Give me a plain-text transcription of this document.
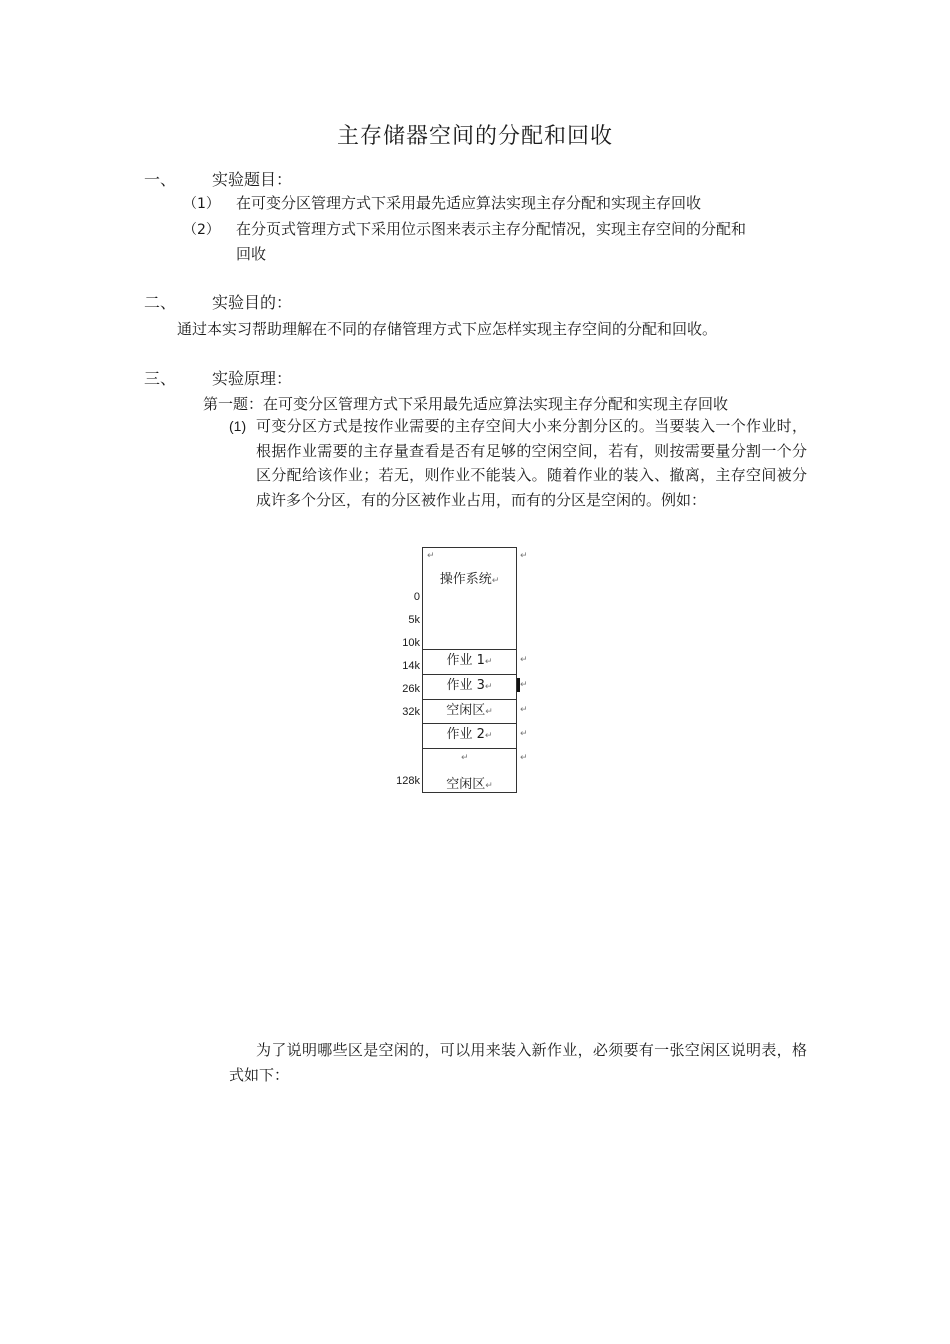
主存储器空间的分配和回收
一、 实验题目：
（1） 在可变分区管理方式下采用最先适应算法实现主存分配和实现主存回收
（2） 在分页式管理方式下采用位示图来表示主存分配情况，实现主存空间的分配和
回收
二、 实验目的：
通过本实习帮助理解在不同的存储管理方式下应怎样实现主存空间的分配和回收。
三、 实验原理：
第一题：在可变分区管理方式下采用最先适应算法实现主存分配和实现主存回收
(1) 可变分区方式是按作业需要的主存空间大小来分割分区的。当要装入一个作业时，根据作业需要的主存量查看是否有足够的空闲空间，若有，则按需要量分割一个分区分配给该作业；若无，则作业不能装入。随着作业的装入、撤离，主存空间被分成许多个分区，有的分区被作业占用，而有的分区是空闲的。例如：
↵
操作系统↵
作业 1↵
作业 3↵
空闲区↵
作业 2↵
↵
空闲区↵
↵
↵
↵
↵
↵
↵
0
5k
10k
14k
26k
32k
128k
为了说明哪些区是空闲的，可以用来装入新作业，必须要有一张空闲区说明表，格式如下：
